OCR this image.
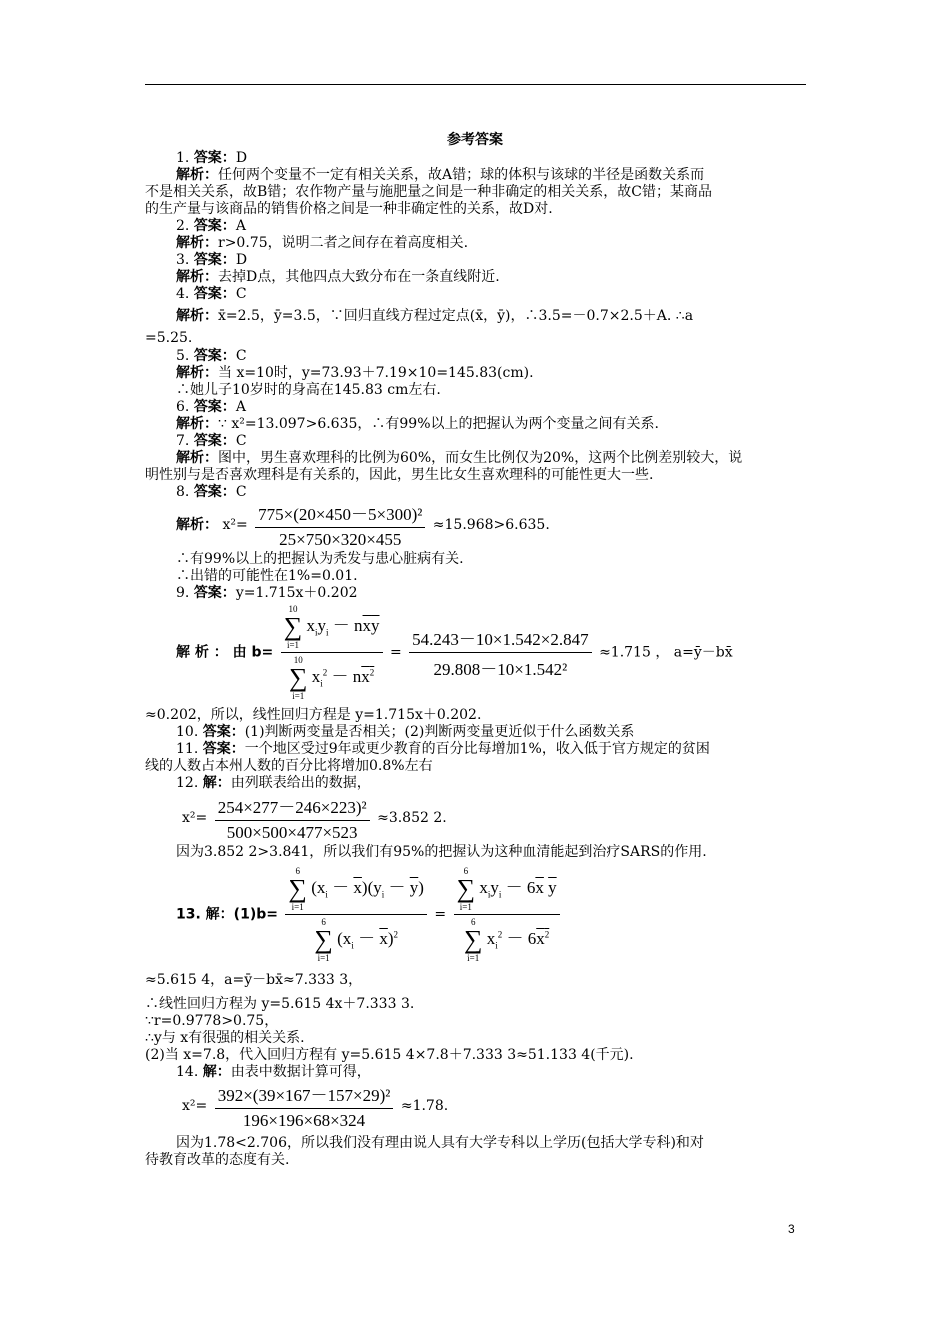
参考答案
1. 答案：D
解析：任何两个变量不一定有相关关系，故A错；球的体积与该球的半径是函数关系而
不是相关关系，故B错；农作物产量与施肥量之间是一种非确定的相关关系，故C错；某商品
的生产量与该商品的销售价格之间是一种非确定性的关系，故D对.
2. 答案：A
解析：r>0.75，说明二者之间存在着高度相关.
3. 答案：D
解析：去掉D点，其他四点大致分布在一条直线附近.
4. 答案：C
解析：x̄=2.5，ȳ=3.5，∵回归直线方程过定点(x̄，ȳ)，∴3.5=－0.7×2.5＋A. ∴a
=5.25.
5. 答案：C
解析：当 x=10时，y=73.93＋7.19×10=145.83(cm).
∴她儿子10岁时的身高在145.83 cm左右.
6. 答案：A
解析：∵ x²=13.097>6.635，∴有99%以上的把握认为两个变量之间有关系.
7. 答案：C
解析：图中，男生喜欢理科的比例为60%，而女生比例仅为20%，这两个比例差别较大，说
明性别与是否喜欢理科是有关系的，因此，男生比女生喜欢理科的可能性更大一些.
8. 答案：C
解析： $x^2= \frac{\text{775×(20×450－5×300)²}}{25\times 750\times 320\times 455} \approx 15.968>6.635$.
∴有99%以上的把握认为秃发与患心脏病有关.
∴出错的可能性在1%=0.01.
9. 答案：y=1.715x＋0.202
解 析 ： 由 b= 10
∑
i=1 $x_iy_i - n\overline{x}\overline{y}$
10
∑
i=1 $x_i^2 - nx^2 = \frac{54.243-10\times 1.542\times 2.847}{\text{29.808－10×1.542²}} \approx 1.715$ ， a=ȳ－bx̄
≈0.202，所以，线性回归方程是 y=1.715x＋0.202.
10. 答案：(1)判断两变量是否相关；(2)判断两变量更近似于什么函数关系
11. 答案：一个地区受过9年或更少教育的百分比每增加1%，收入低于官方规定的贫困
线的人数占本州人数的百分比将增加0.8%左右
12. 解：由列联表给出的数据，
$x^2= \frac{\text{254×277－246×223)²}}{500\times 500\times 477\times 523} \approx 3.852$ 2.
因为3.852 2>3.841，所以我们有95%的把握认为这种血清能起到治疗SARS的作用.
13. 解：(1)b= 6
∑
i=1 $(x_i - \overline{x})(y_i - \overline{y})$
6
∑
i=1 $(x_i - \overline{x})^2 = 6$
∑
i=1 $x_iy_i - 6\overline{x}$ $\overline{y}$
6
∑
i=1 $x_i^2 - 6x^2$
≈5.615 4，a=ȳ－bx̄≈7.333 3，
∴线性回归方程为 y=5.615 4x＋7.333 3.
∵r=0.9778>0.75，
∴y与 x有很强的相关关系.
(2)当 x=7.8，代入回归方程有 y=5.615 4×7.8＋7.333 3≈51.133 4(千元).
14. 解：由表中数据计算可得，
$x^2= \frac{\text{392×(39×167－157×29)²}}{196\times 196\times 68\times 324} \approx 1.78$.
因为1.78<2.706，所以我们没有理由说人具有大学专科以上学历(包括大学专科)和对
待教育改革的态度有关.
3
